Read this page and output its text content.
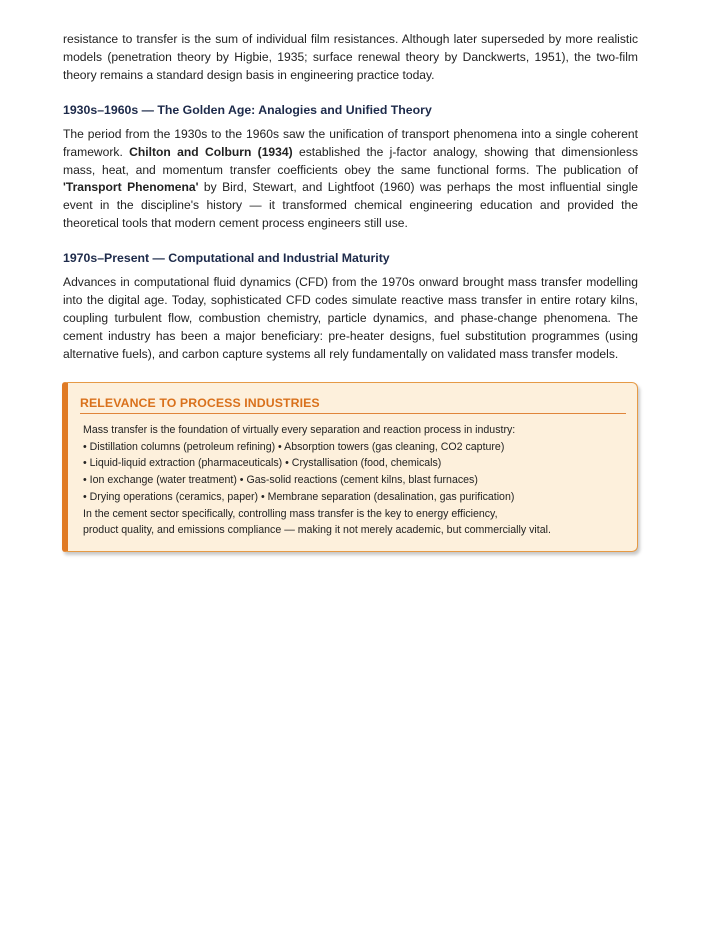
resistance to transfer is the sum of individual film resistances. Although later superseded by more realistic models (penetration theory by Higbie, 1935; surface renewal theory by Danckwerts, 1951), the two-film theory remains a standard design basis in engineering practice today.

1930s–1960s — The Golden Age: Analogies and Unified Theory

The period from the 1930s to the 1960s saw the unification of transport phenomena into a single coherent framework. Chilton and Colburn (1934) established the j-factor analogy, showing that dimensionless mass, heat, and momentum transfer coefficients obey the same functional forms. The publication of 'Transport Phenomena' by Bird, Stewart, and Lightfoot (1960) was perhaps the most influential single event in the discipline's history — it transformed chemical engineering education and provided the theoretical tools that modern cement process engineers still use.

1970s–Present — Computational and Industrial Maturity

Advances in computational fluid dynamics (CFD) from the 1970s onward brought mass transfer modelling into the digital age. Today, sophisticated CFD codes simulate reactive mass transfer in entire rotary kilns, coupling turbulent flow, combustion chemistry, particle dynamics, and phase-change phenomena. The cement industry has been a major beneficiary: pre-heater designs, fuel substitution programmes (using alternative fuels), and carbon capture systems all rely fundamentally on validated mass transfer models.

RELEVANCE TO PROCESS INDUSTRIES
Mass transfer is the foundation of virtually every separation and reaction process in industry:
• Distillation columns (petroleum refining) • Absorption towers (gas cleaning, CO2 capture)
• Liquid-liquid extraction (pharmaceuticals) • Crystallisation (food, chemicals)
• Ion exchange (water treatment) • Gas-solid reactions (cement kilns, blast furnaces)
• Drying operations (ceramics, paper) • Membrane separation (desalination, gas purification)
In the cement sector specifically, controlling mass transfer is the key to energy efficiency,
product quality, and emissions compliance — making it not merely academic, but commercially vital.
